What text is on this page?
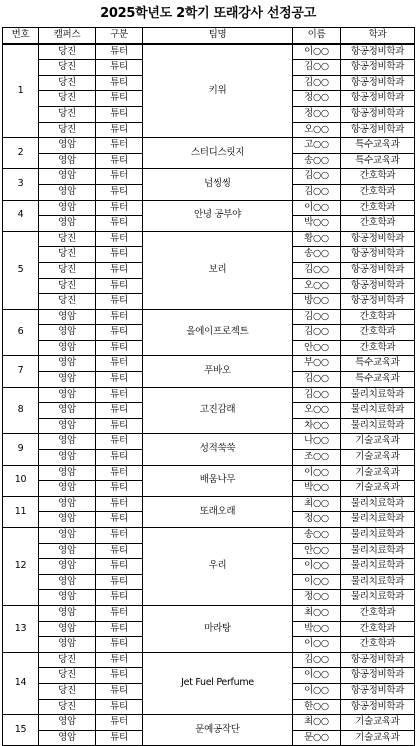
2025학년도 2학기 또래강사 선정공고
번호	캠퍼스	구분	팀명	이름	학과
1	당진	튜터	키위	이○○	항공정비학과
	당진	튜티		김○○	항공정비학과
	당진	튜티		김○○	항공정비학과
	당진	튜티		정○○	항공정비학과
	당진	튜티		정○○	항공정비학과
	당진	튜티		오○○	항공정비학과
2	영암	튜터	스터디스릿지	고○○	특수교육과
	영암	튜티		송○○	특수교육과
3	영암	튜터	넘씽씽	김○○	간호학과
	영암	튜티		김○○	간호학과
4	영암	튜터	안녕 공부야	이○○	간호학과
	영암	튜티		박○○	간호학과
5	당진	튜터	보리	황○○	항공정비학과
	당진	튜티		송○○	항공정비학과
	당진	튜티		김○○	항공정비학과
	당진	튜티		오○○	항공정비학과
	당진	튜티		방○○	항공정비학과
6	영암	튜터	올에이프로젝트	김○○	간호학과
	영암	튜티		김○○	간호학과
	영암	튜티		안○○	간호학과
7	영암	튜터	푸바오	부○○	특수교육과
	영암	튜티		김○○	특수교육과
8	영암	튜터	고진감래	김○○	물리치료학과
	영암	튜티		오○○	물리치료학과
	영암	튜티		차○○	물리치료학과
9	영암	튜터	성적쑥쑥	나○○	기술교육과
	영암	튜티		조○○	기술교육과
10	영암	튜터	배움나무	이○○	기술교육과
	영암	튜티		박○○	기술교육과
11	영암	튜터	또래오래	최○○	물리치료학과
	영암	튜티		정○○	물리치료학과
12	영암	튜터	우리	송○○	물리치료학과
	영암	튜티		안○○	물리치료학과
	영암	튜티		이○○	물리치료학과
	영암	튜티		이○○	물리치료학과
	영암	튜티		정○○	물리치료학과
13	영암	튜터	마라탕	최○○	간호학과
	영암	튜티		박○○	간호학과
	영암	튜티		이○○	간호학과
14	당진	튜터	Jet Fuel Perfume	김○○	항공정비학과
	당진	튜티		이○○	항공정비학과
	당진	튜티		이○○	항공정비학과
	당진	튜티		한○○	항공정비학과
15	영암	튜터	문예공작단	최○○	기술교육과
	영암	튜티		문○○	기술교육과
